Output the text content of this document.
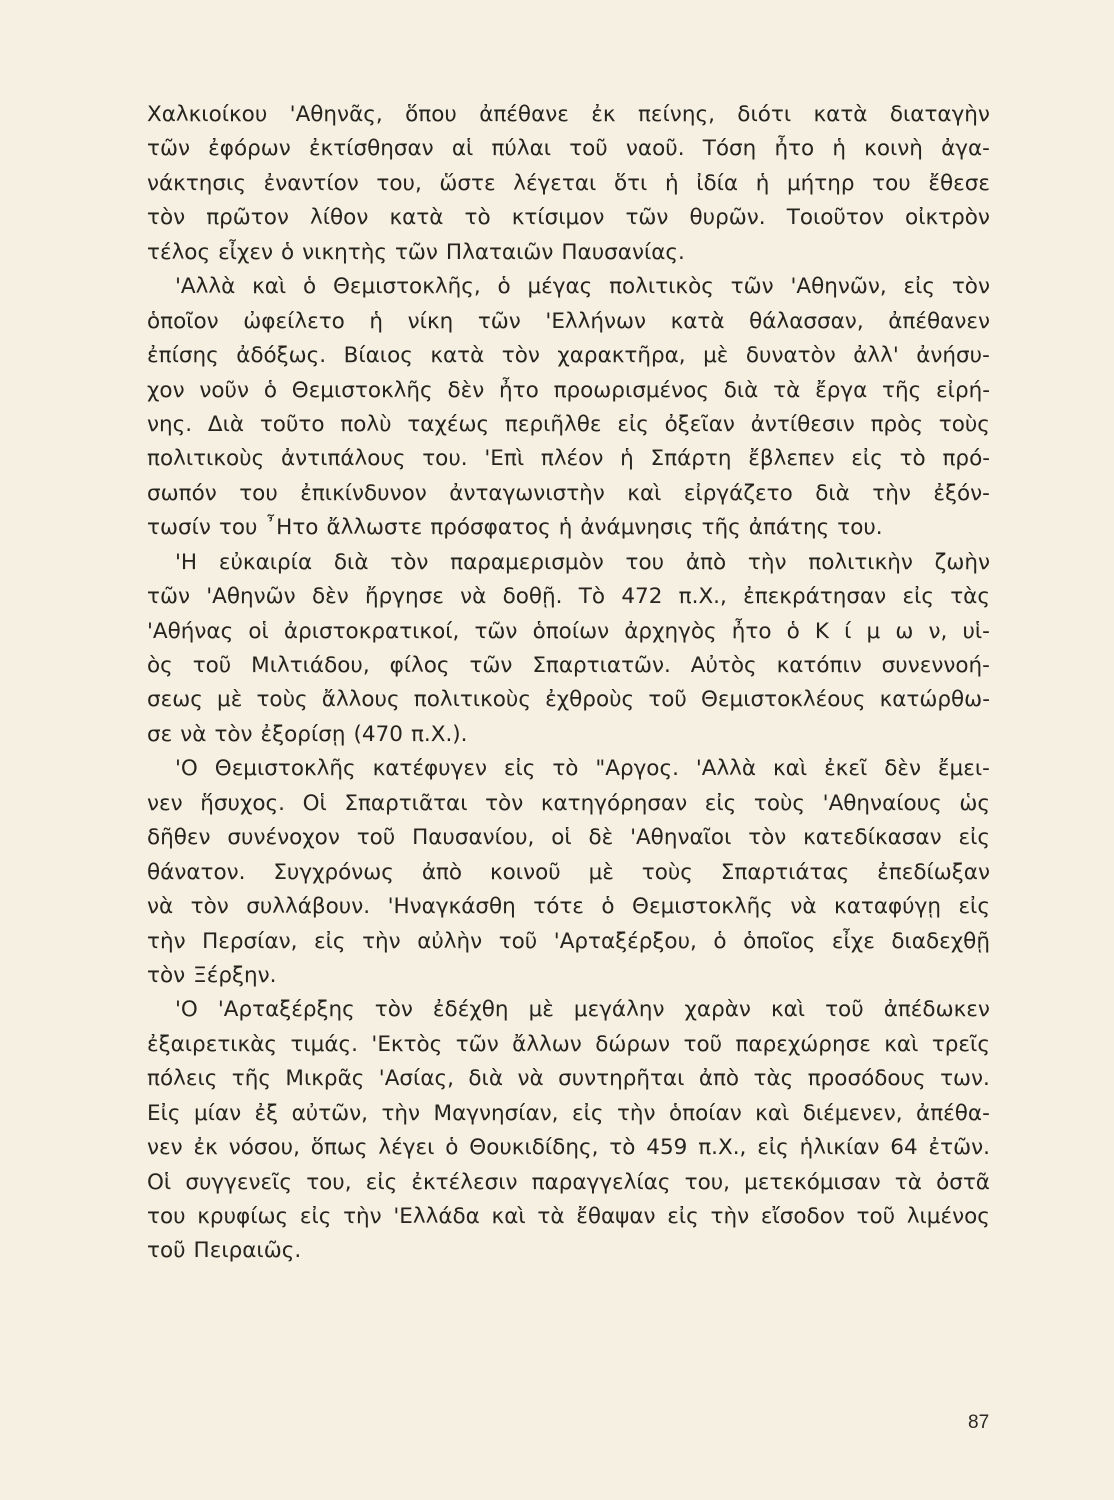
Χαλκιοίκου 'Αθηνᾶς, ὅπου ἀπέθανε ἐκ πείνης, διότι κατὰ διαταγὴν
τῶν ἐφόρων ἐκτίσθησαν αἱ πύλαι τοῦ ναοῦ. Τόση ἦτο ἡ κοινὴ ἀγα-
νάκτησις ἐναντίον του, ὥστε λέγεται ὅτι ἡ ἰδία ἡ μήτηρ του ἔθεσε
τὸν πρῶτον λίθον κατὰ τὸ κτίσιμον τῶν θυρῶν. Τοιοῦτον οἰκτρὸν
τέλος εἶχεν ὁ νικητὴς τῶν Πλαταιῶν Παυσανίας.
'Αλλὰ καὶ ὁ Θεμιστοκλῆς, ὁ μέγας πολιτικὸς τῶν 'Αθηνῶν, εἰς τὸν
ὁποῖον ὠφείλετο ἡ νίκη τῶν 'Ελλήνων κατὰ θάλασσαν, ἀπέθανεν
ἐπίσης ἀδόξως. Βίαιος κατὰ τὸν χαρακτῆρα, μὲ δυνατὸν ἀλλ' ἀνήσυ-
χον νοῦν ὁ Θεμιστοκλῆς δὲν ἦτο προωρισμένος διὰ τὰ ἔργα τῆς εἰρή-
νης. Διὰ τοῦτο πολὺ ταχέως περιῆλθε εἰς ὀξεῖαν ἀντίθεσιν πρὸς τοὺς
πολιτικοὺς ἀντιπάλους του. 'Επὶ πλέον ἡ Σπάρτη ἔβλεπεν εἰς τὸ πρό-
σωπόν του ἐπικίνδυνον ἀνταγωνιστὴν καὶ εἰργάζετο διὰ τὴν ἐξόν-
τωσίν του ῏Ητο ἄλλωστε πρόσφατος ἡ ἀνάμνησις τῆς ἀπάτης του.
'Η εὐκαιρία διὰ τὸν παραμερισμὸν του ἀπὸ τὴν πολιτικὴν ζωὴν
τῶν 'Αθηνῶν δὲν ἤργησε νὰ δοθῇ. Τὸ 472 π.Χ., ἐπεκράτησαν εἰς τὰς
'Αθήνας οἱ ἀριστοκρατικοί, τῶν ὁποίων ἀρχηγὸς ἦτο ὁ Κ ί μ ω ν, υἱ-
ὸς τοῦ Μιλτιάδου, φίλος τῶν Σπαρτιατῶν. Αὐτὸς κατόπιν συνεννοή-
σεως μὲ τοὺς ἄλλους πολιτικοὺς ἐχθροὺς τοῦ Θεμιστοκλέους κατώρθω-
σε νὰ τὸν ἐξορίσῃ (470 π.Χ.).
'Ο Θεμιστοκλῆς κατέφυγεν εἰς τὸ "Αργος. 'Αλλὰ καὶ ἐκεῖ δὲν ἔμει-
νεν ἥσυχος. Οἱ Σπαρτιᾶται τὸν κατηγόρησαν εἰς τοὺς 'Αθηναίους ὡς
δῆθεν συνένοχον τοῦ Παυσανίου, οἱ δὲ 'Αθηναῖοι τὸν κατεδίκασαν εἰς
θάνατον. Συγχρόνως ἀπὸ κοινοῦ μὲ τοὺς Σπαρτιάτας ἐπεδίωξαν
νὰ τὸν συλλάβουν. 'Ηναγκάσθη τότε ὁ Θεμιστοκλῆς νὰ καταφύγῃ εἰς
τὴν Περσίαν, εἰς τὴν αὐλὴν τοῦ 'Αρταξέρξου, ὁ ὁποῖος εἶχε διαδεχθῇ
τὸν Ξέρξην.
'Ο 'Αρταξέρξης τὸν ἐδέχθη μὲ μεγάλην χαρὰν καὶ τοῦ ἀπέδωκεν
ἐξαιρετικὰς τιμάς. 'Εκτὸς τῶν ἄλλων δώρων τοῦ παρεχώρησε καὶ τρεῖς
πόλεις τῆς Μικρᾶς 'Ασίας, διὰ νὰ συντηρῆται ἀπὸ τὰς προσόδους των.
Εἰς μίαν ἐξ αὐτῶν, τὴν Μαγνησίαν, εἰς τὴν ὁποίαν καὶ διέμενεν, ἀπέθα-
νεν ἐκ νόσου, ὅπως λέγει ὁ Θουκιδίδης, τὸ 459 π.Χ., εἰς ἡλικίαν 64 ἐτῶν.
Οἱ συγγενεῖς του, εἰς ἐκτέλεσιν παραγγελίας του, μετεκόμισαν τὰ ὀστᾶ
του κρυφίως εἰς τὴν 'Ελλάδα καὶ τὰ ἔθαψαν εἰς τὴν εἴσοδον τοῦ λιμένος
τοῦ Πειραιῶς.
87
